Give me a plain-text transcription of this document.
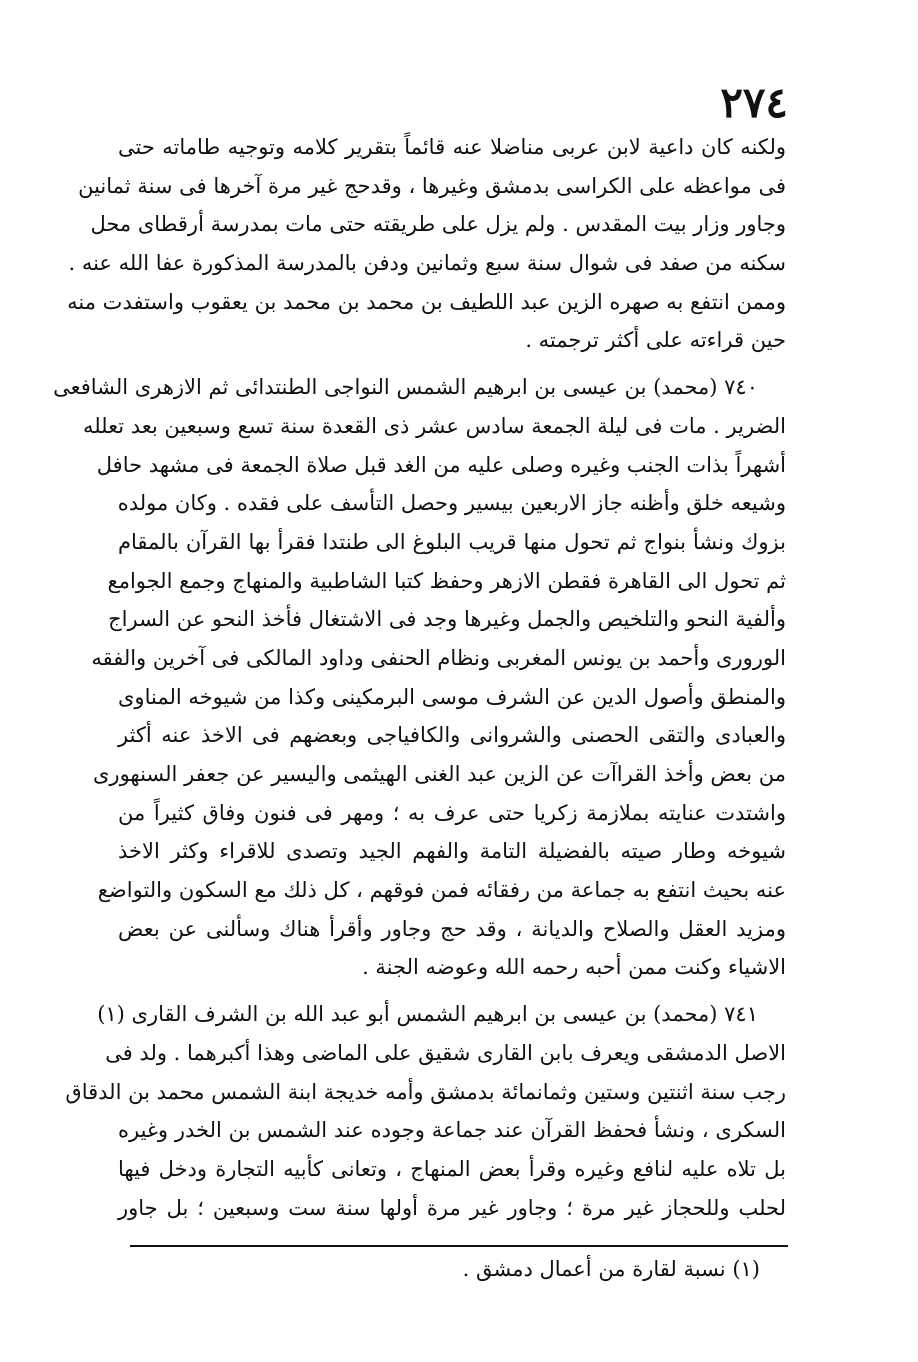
٢٧٤
ولكنه كان داعية لابن عربى مناضلا عنه قائماً بتقرير كلامه وتوجيه طاماته حتى
فى مواعظه على الكراسى بدمشق وغيرها ، وقدحج غير مرة آخرها فى سنة ثمانين
وجاور وزار بيت المقدس . ولم يزل على طريقته حتى مات بمدرسة أرقطاى محل
سكنه من صفد فى شوال سنة سبع وثمانين ودفن بالمدرسة المذكورة عفا الله عنه .
وممن انتفع به صهره الزين عبد اللطيف بن محمد بن محمد بن يعقوب واستفدت منه
حين قراءته على أكثر ترجمته .
٧٤٠ (محمد) بن عيسى بن ابرهيم الشمس النواجى الطنتدائى ثم الازهرى الشافعى
الضرير . مات فى ليلة الجمعة سادس عشر ذى القعدة سنة تسع وسبعين بعد تعلله
أشهراً بذات الجنب وغيره وصلى عليه من الغد قبل صلاة الجمعة فى مشهد حافل
وشيعه خلق وأظنه جاز الاربعين بيسير وحصل التأسف على فقده . وكان مولده
بزوك ونشأ بنواج ثم تحول منها قريب البلوغ الى طنتدا فقرأ بها القرآن بالمقام
ثم تحول الى القاهرة فقطن الازهر وحفظ كتبا الشاطبية والمنهاج وجمع الجوامع
وألفية النحو والتلخيص والجمل وغيرها وجد فى الاشتغال فأخذ النحو عن السراج
الورورى وأحمد بن يونس المغربى ونظام الحنفى وداود المالكى فى آخرين والفقه
والمنطق وأصول الدين عن الشرف موسى البرمكينى وكذا من شيوخه المناوى
والعبادى والتقى الحصنى والشروانى والكافياجى وبعضهم فى الاخذ عنه أكثر
من بعض وأخذ القراآت عن الزين عبد الغنى الهيثمى واليسير عن جعفر السنهورى
واشتدت عنايته بملازمة زكريا حتى عرف به ؛ ومهر فى فنون وفاق كثيراً من
شيوخه وطار صيته بالفضيلة التامة والفهم الجيد وتصدى للاقراء وكثر الاخذ
عنه بحيث انتفع به جماعة من رفقائه فمن فوقهم ، كل ذلك مع السكون والتواضع
ومزيد العقل والصلاح والديانة ، وقد حج وجاور وأقرأ هناك وسألنى عن بعض
الاشياء وكنت ممن أحبه رحمه الله وعوضه الجنة .
٧٤١ (محمد) بن عيسى بن ابرهيم الشمس أبو عبد الله بن الشرف القارى (١)
الاصل الدمشقى ويعرف بابن القارى شقيق على الماضى وهذا أكبرهما . ولد فى
رجب سنة اثنتين وستين وثمانمائة بدمشق وأمه خديجة ابنة الشمس محمد بن الدقاق
السكرى ، ونشأ فحفظ القرآن عند جماعة وجوده عند الشمس بن الخدر وغيره
بل تلاه عليه لنافع وغيره وقرأ بعض المنهاج ، وتعانى كأبيه التجارة ودخل فيها
لحلب وللحجاز غير مرة ؛ وجاور غير مرة أولها سنة ست وسبعين ؛ بل جاور
(١) نسبة لقارة من أعمال دمشق .
